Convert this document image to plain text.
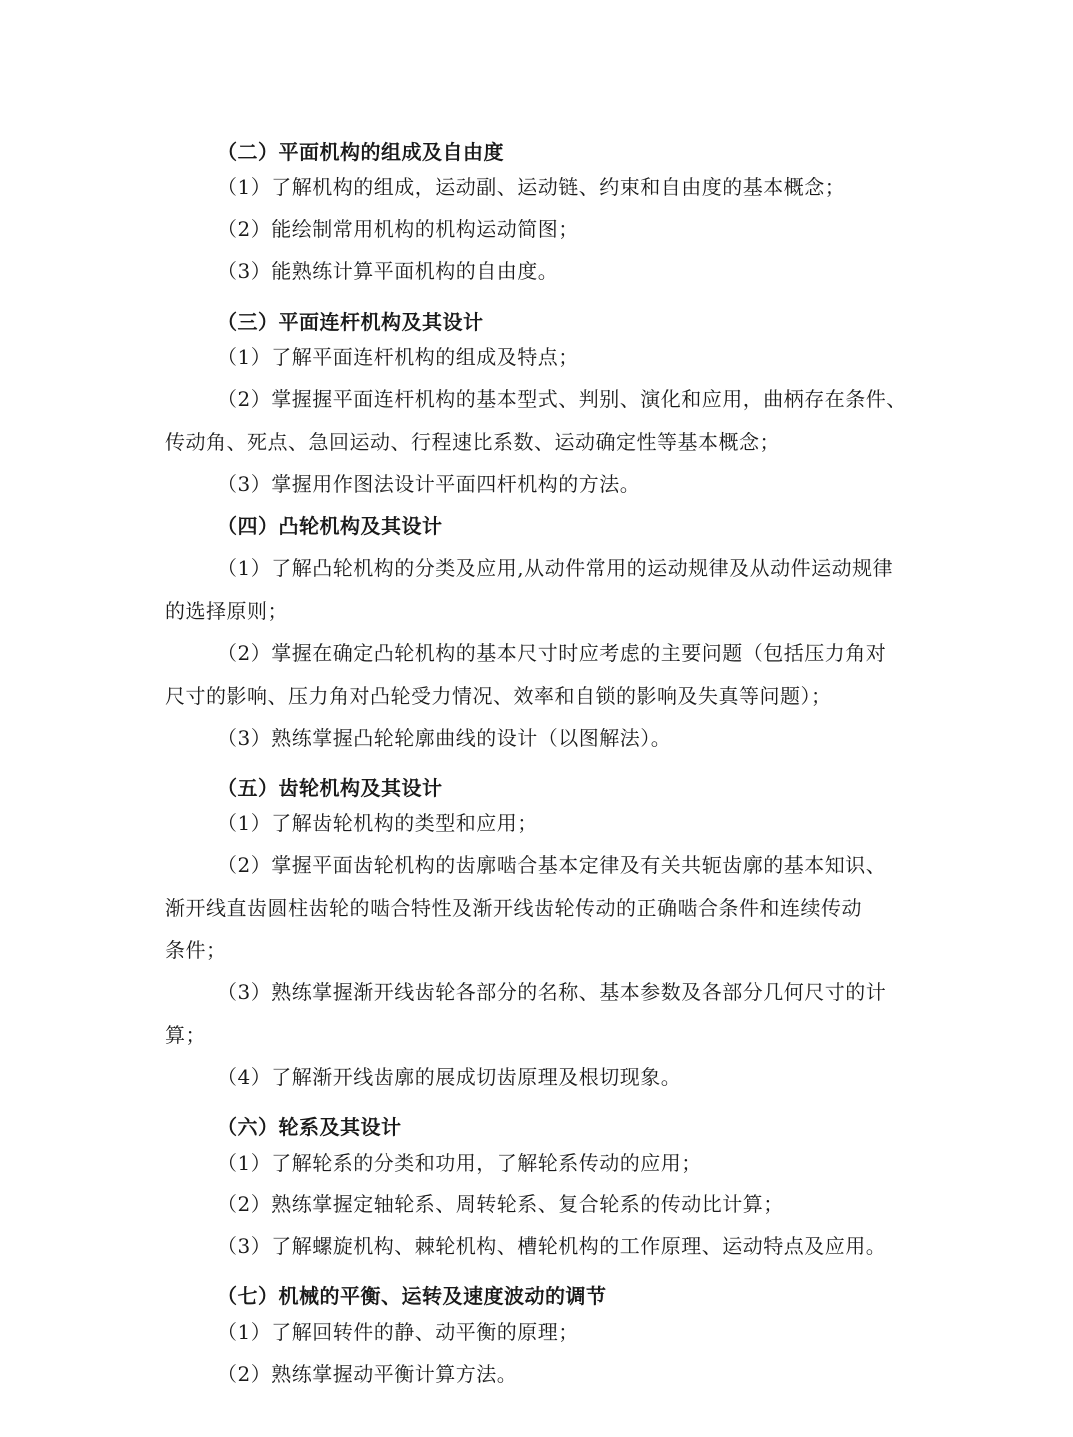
（二）平面机构的组成及自由度
（1）了解机构的组成，运动副、运动链、约束和自由度的基本概念；
（2）能绘制常用机构的机构运动简图；
（3）能熟练计算平面机构的自由度。
（三）平面连杆机构及其设计
（1）了解平面连杆机构的组成及特点；
（2）掌握握平面连杆机构的基本型式、判别、演化和应用，曲柄存在条件、
传动角、死点、急回运动、行程速比系数、运动确定性等基本概念；
（3）掌握用作图法设计平面四杆机构的方法。
（四）凸轮机构及其设计
（1）了解凸轮机构的分类及应用,从动件常用的运动规律及从动件运动规律
的选择原则；
（2）掌握在确定凸轮机构的基本尺寸时应考虑的主要问题（包括压力角对
尺寸的影响、压力角对凸轮受力情况、效率和自锁的影响及失真等问题）；
（3）熟练掌握凸轮轮廓曲线的设计（以图解法）。
（五）齿轮机构及其设计
（1）了解齿轮机构的类型和应用；
（2）掌握平面齿轮机构的齿廓啮合基本定律及有关共轭齿廓的基本知识、
渐开线直齿圆柱齿轮的啮合特性及渐开线齿轮传动的正确啮合条件和连续传动
条件；
（3）熟练掌握渐开线齿轮各部分的名称、基本参数及各部分几何尺寸的计
算；
（4）了解渐开线齿廓的展成切齿原理及根切现象。
（六）轮系及其设计
（1）了解轮系的分类和功用，了解轮系传动的应用；
（2）熟练掌握定轴轮系、周转轮系、复合轮系的传动比计算；
（3）了解螺旋机构、棘轮机构、槽轮机构的工作原理、运动特点及应用。
（七）机械的平衡、运转及速度波动的调节
（1）了解回转件的静、动平衡的原理；
（2）熟练掌握动平衡计算方法。
